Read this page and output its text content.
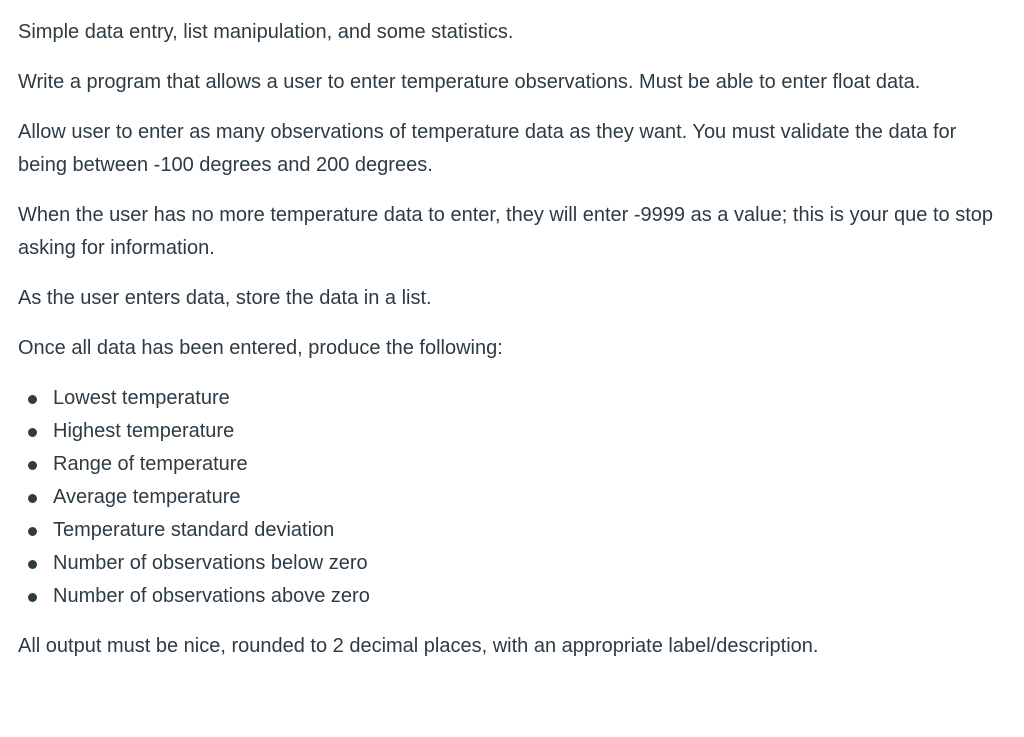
Simple data entry, list manipulation, and some statistics.

Write a program that allows a user to enter temperature observations. Must be able to enter float data.

Allow user to enter as many observations of temperature data as they want. You must validate the data for being between -100 degrees and 200 degrees.

When the user has no more temperature data to enter, they will enter -9999 as a value; this is your que to stop asking for information.

As the user enters data, store the data in a list.

Once all data has been entered, produce the following:

Lowest temperature
Highest temperature
Range of temperature
Average temperature
Temperature standard deviation
Number of observations below zero
Number of observations above zero

All output must be nice, rounded to 2 decimal places, with an appropriate label/description.
